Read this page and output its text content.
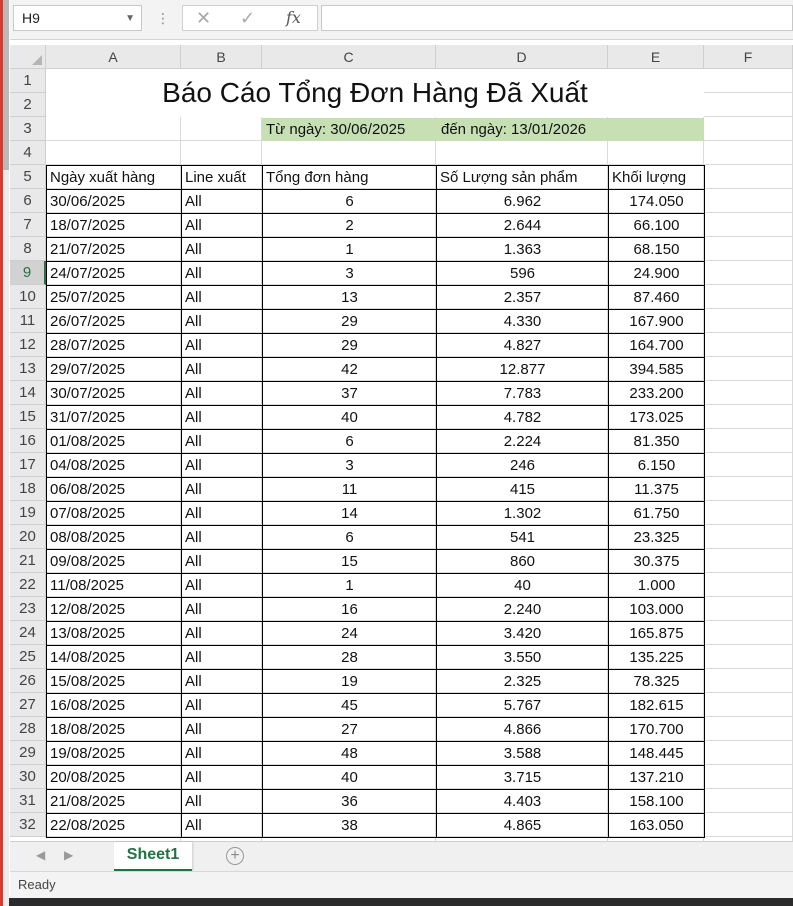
H9	▼ ⋮ ✕ ✓ fx
A	B	C	D	E	F
1
2
3
4
5
6
7
8
9
10
11
12
13
14
15
16
17
18
19
20
21
22
23
24
25
26
27
28
29
30
31
32
Báo Cáo Tổng Đơn Hàng Đã Xuất
Từ ngày: 30/06/2025 đến ngày: 13/01/2026
Ngày xuất hàng	Line xuất	Tổng đơn hàng	Số Lượng sản phẩm	Khối lượng
30/06/2025	All	6	6.962	174.050
18/07/2025	All	2	2.644	66.100
21/07/2025	All	1	1.363	68.150
24/07/2025	All	3	596	24.900
25/07/2025	All	13	2.357	87.460
26/07/2025	All	29	4.330	167.900
28/07/2025	All	29	4.827	164.700
29/07/2025	All	42	12.877	394.585
30/07/2025	All	37	7.783	233.200
31/07/2025	All	40	4.782	173.025
01/08/2025	All	6	2.224	81.350
04/08/2025	All	3	246	6.150
06/08/2025	All	11	415	11.375
07/08/2025	All	14	1.302	61.750
08/08/2025	All	6	541	23.325
09/08/2025	All	15	860	30.375
11/08/2025	All	1	40	1.000
12/08/2025	All	16	2.240	103.000
13/08/2025	All	24	3.420	165.875
14/08/2025	All	28	3.550	135.225
15/08/2025	All	19	2.325	78.325
16/08/2025	All	45	5.767	182.615
18/08/2025	All	27	4.866	170.700
19/08/2025	All	48	3.588	148.445
20/08/2025	All	40	3.715	137.210
21/08/2025	All	36	4.403	158.100
22/08/2025	All	38	4.865	163.050
◀ ▶	Sheet1	+
Ready
